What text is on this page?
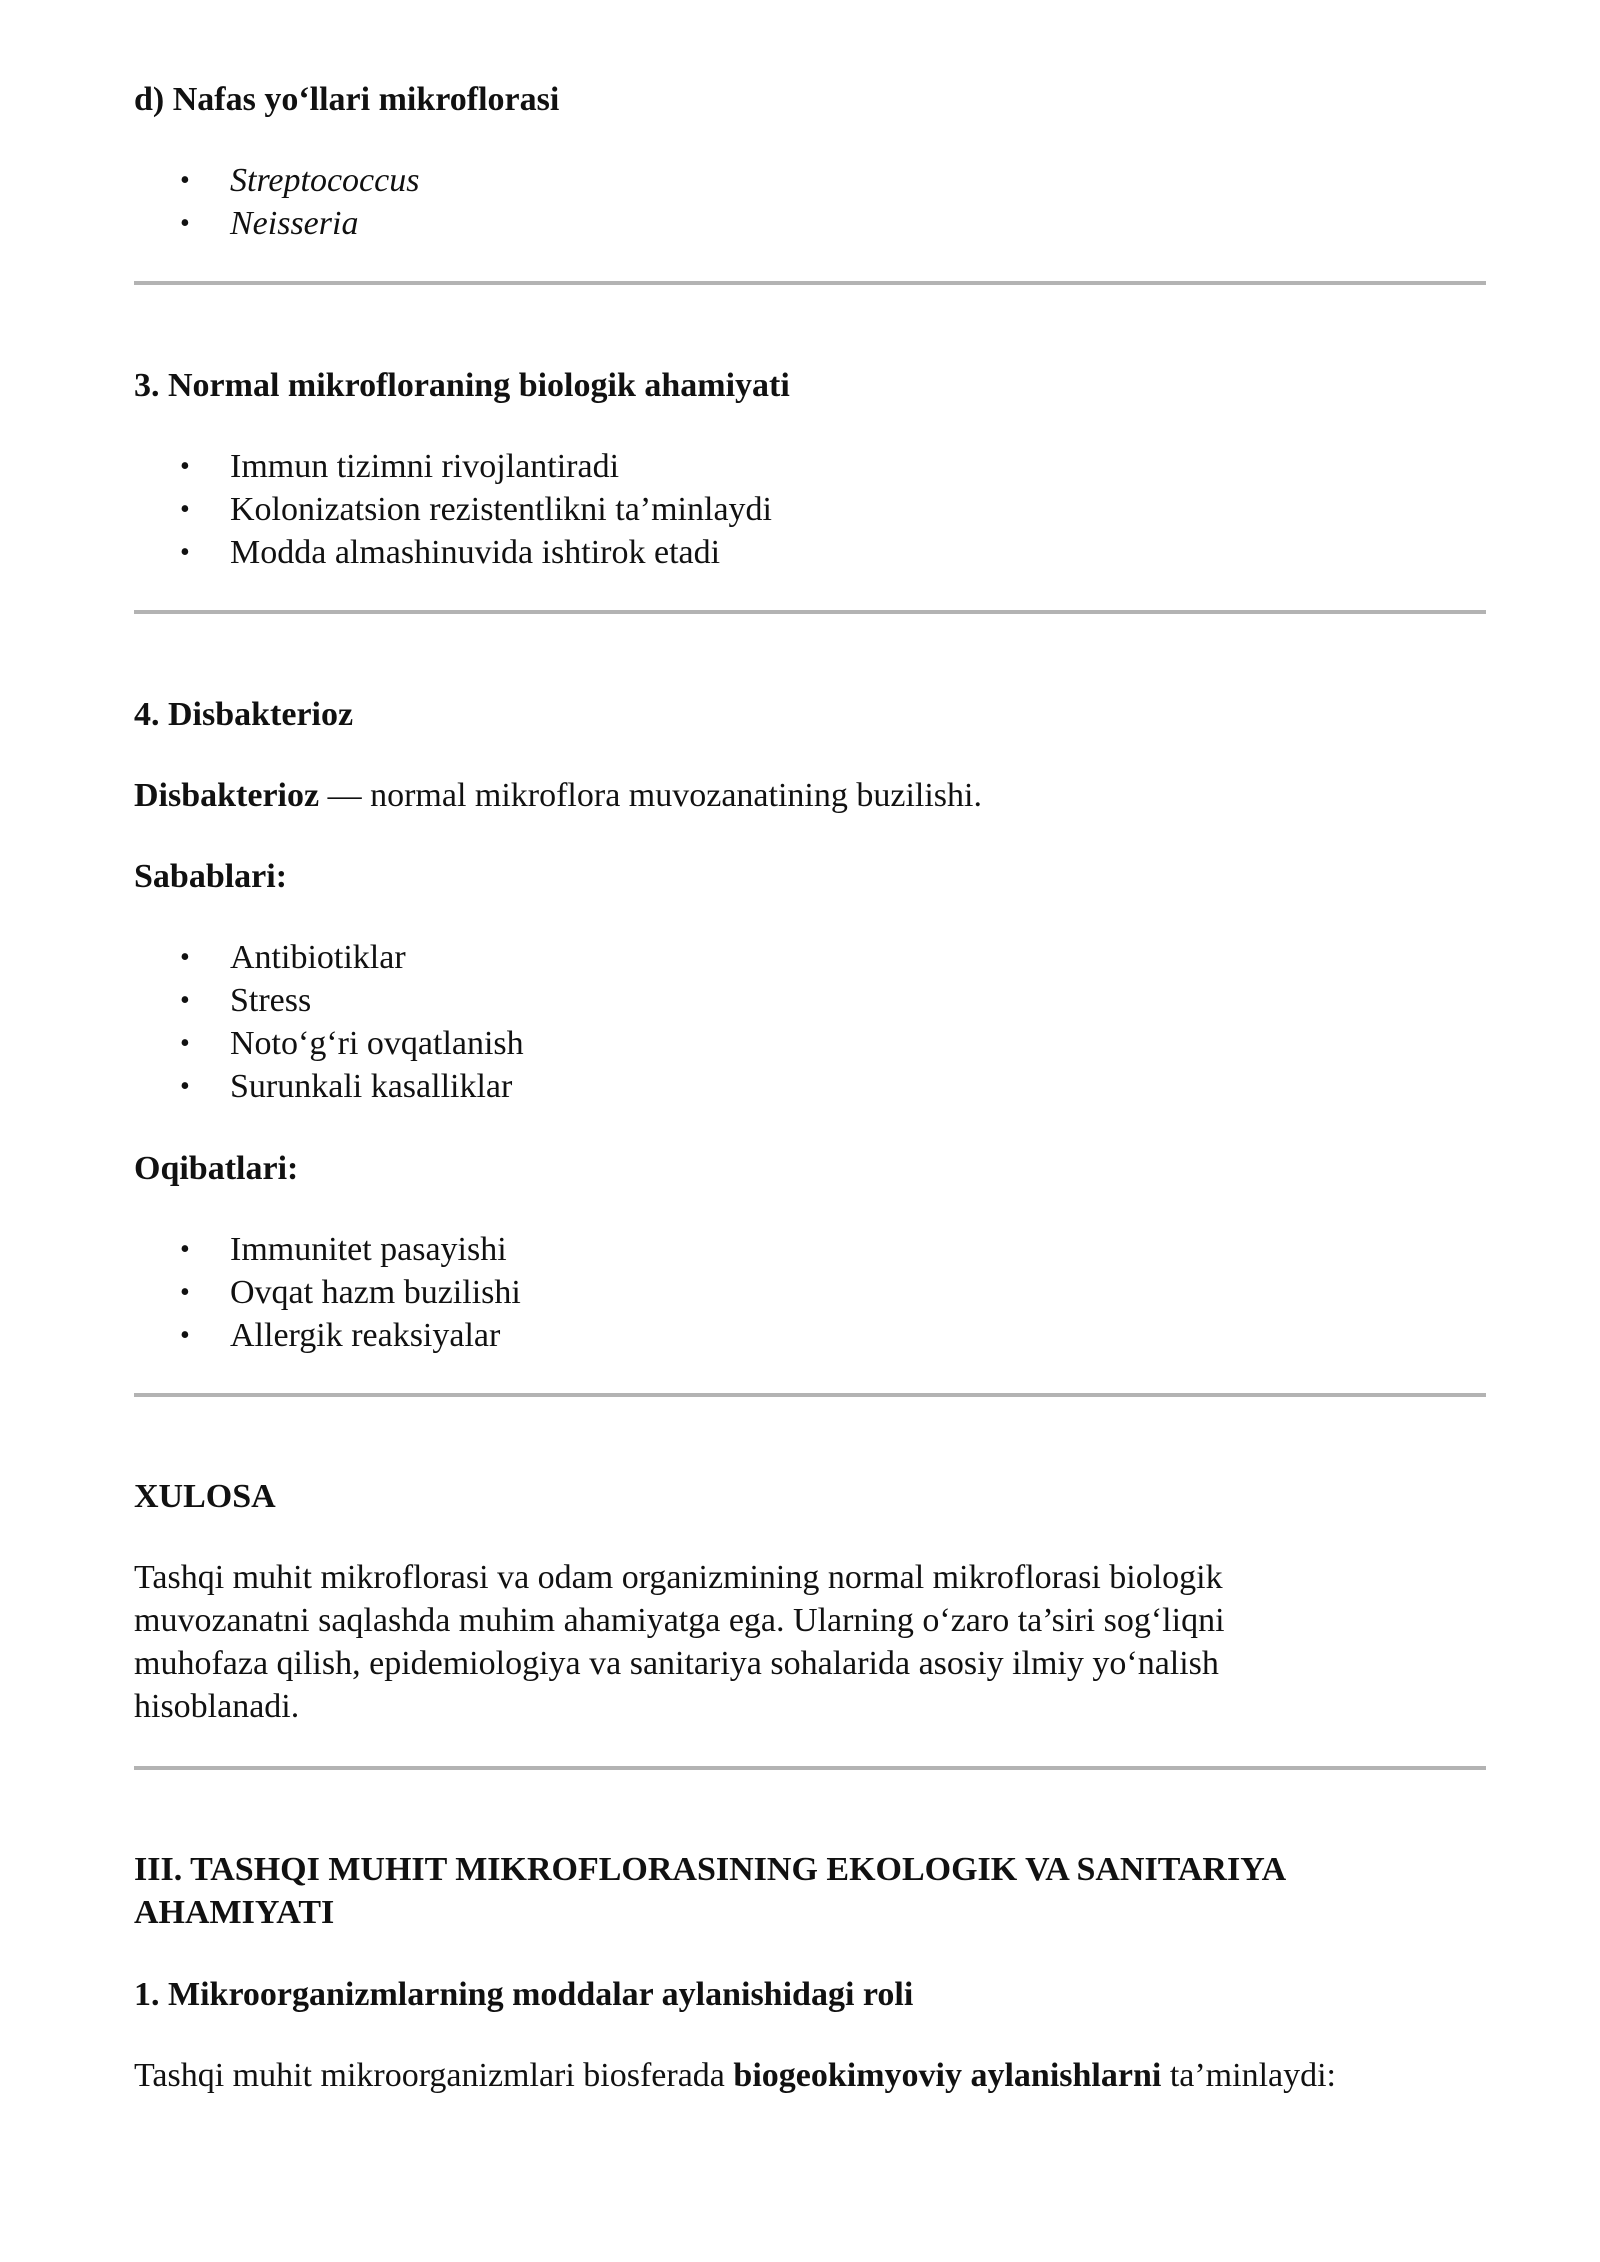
d) Nafas yo‘llari mikroflorasi
• Streptococcus
• Neisseria
3. Normal mikrofloraning biologik ahamiyati
• Immun tizimni rivojlantiradi
• Kolonizatsion rezistentlikni ta’minlaydi
• Modda almashinuvida ishtirok etadi
4. Disbakterioz
Disbakterioz — normal mikroflora muvozanatining buzilishi.
Sabablari:
• Antibiotiklar
• Stress
• Noto‘g‘ri ovqatlanish
• Surunkali kasalliklar
Oqibatlari:
• Immunitet pasayishi
• Ovqat hazm buzilishi
• Allergik reaksiyalar
XULOSA
Tashqi muhit mikroflorasi va odam organizmining normal mikroflorasi biologik
muvozanatni saqlashda muhim ahamiyatga ega. Ularning o‘zaro ta’siri sog‘liqni
muhofaza qilish, epidemiologiya va sanitariya sohalarida asosiy ilmiy yo‘nalish
hisoblanadi.
III. TASHQI MUHIT MIKROFLORASINING EKOLOGIK VA SANITARIYA
AHAMIYATI
1. Mikroorganizmlarning moddalar aylanishidagi roli
Tashqi muhit mikroorganizmlari biosferada biogeokimyoviy aylanishlarni ta’minlaydi:
